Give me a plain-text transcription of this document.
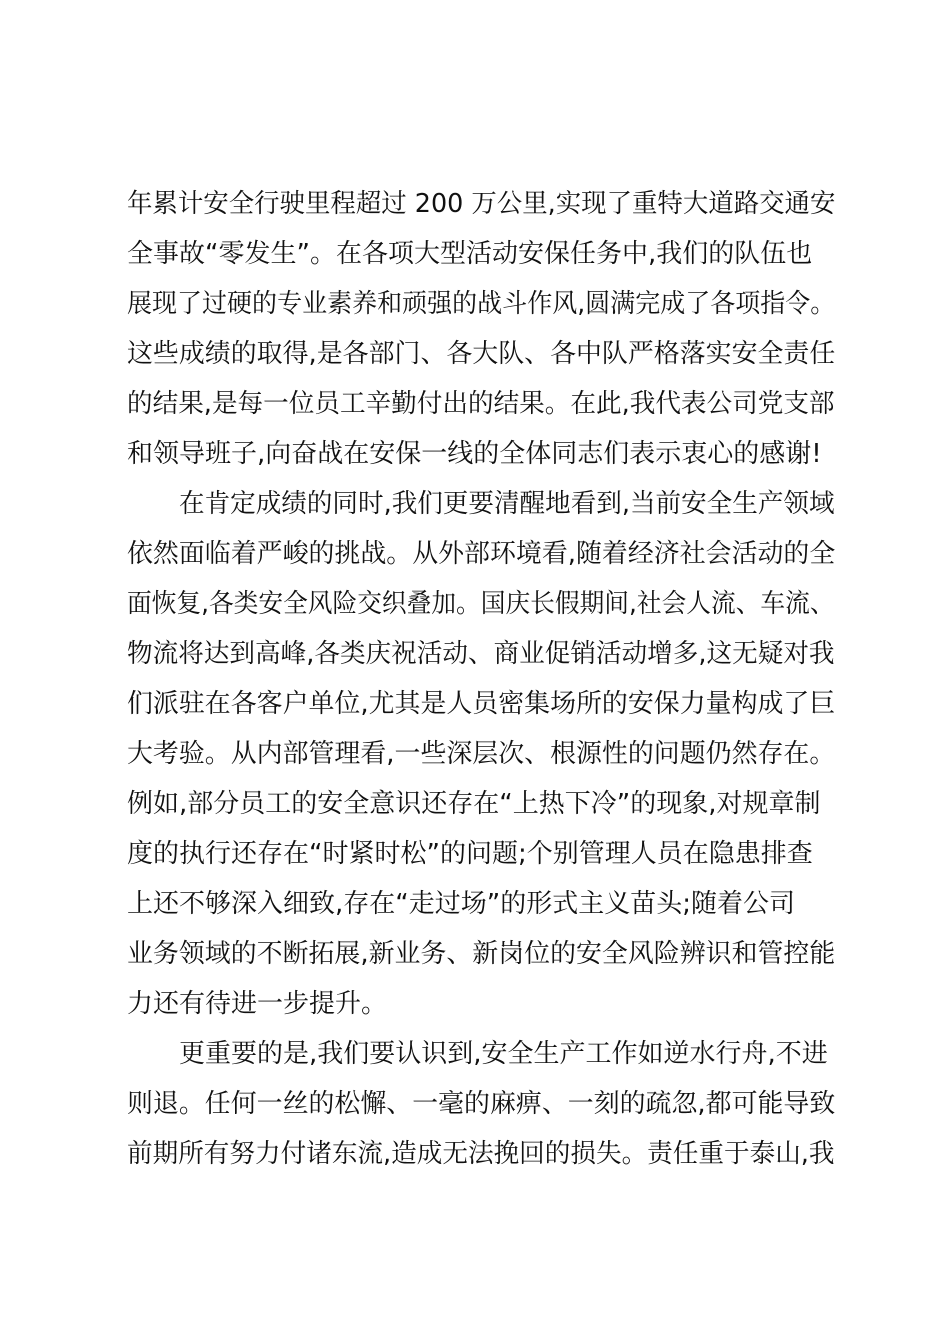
年累计安全行驶里程超过 200 万公里,实现了重特大道路交通安
全事故“零发生”。在各项大型活动安保任务中,我们的队伍也
展现了过硬的专业素养和顽强的战斗作风,圆满完成了各项指令。
这些成绩的取得,是各部门、各大队、各中队严格落实安全责任
的结果,是每一位员工辛勤付出的结果。在此,我代表公司党支部
和领导班子,向奋战在安保一线的全体同志们表示衷心的感谢!
在肯定成绩的同时,我们更要清醒地看到,当前安全生产领域
依然面临着严峻的挑战。从外部环境看,随着经济社会活动的全
面恢复,各类安全风险交织叠加。国庆长假期间,社会人流、车流、
物流将达到高峰,各类庆祝活动、商业促销活动增多,这无疑对我
们派驻在各客户单位,尤其是人员密集场所的安保力量构成了巨
大考验。从内部管理看,一些深层次、根源性的问题仍然存在。
例如,部分员工的安全意识还存在“上热下冷”的现象,对规章制
度的执行还存在“时紧时松”的问题;个别管理人员在隐患排查
上还不够深入细致,存在“走过场”的形式主义苗头;随着公司
业务领域的不断拓展,新业务、新岗位的安全风险辨识和管控能
力还有待进一步提升。
更重要的是,我们要认识到,安全生产工作如逆水行舟,不进
则退。任何一丝的松懈、一毫的麻痹、一刻的疏忽,都可能导致
前期所有努力付诸东流,造成无法挽回的损失。责任重于泰山,我
